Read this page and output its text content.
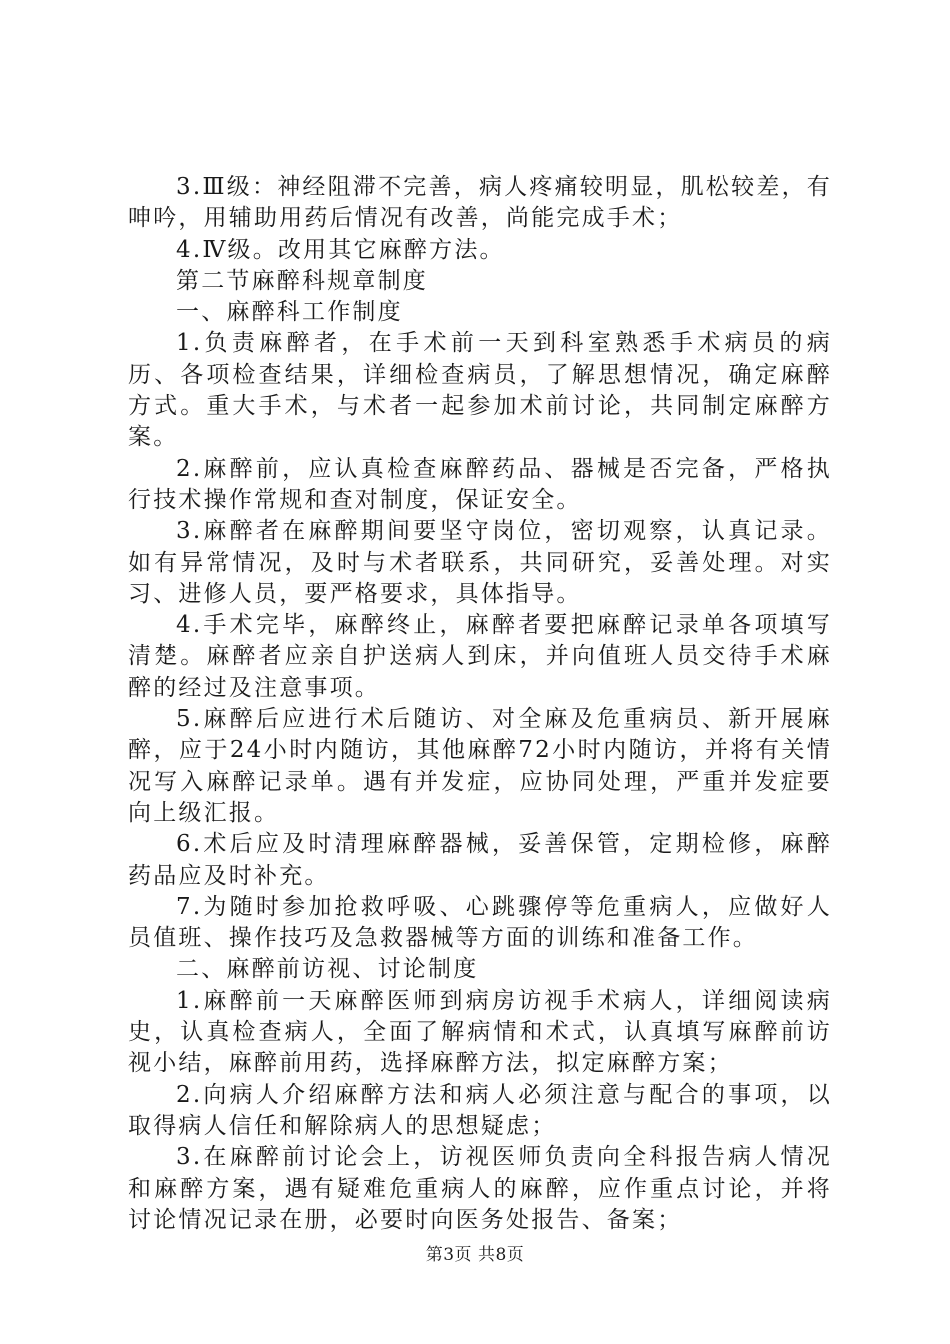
3.Ⅲ级：神经阻滞不完善，病人疼痛较明显，肌松较差，有呻吟，用辅助用药后情况有改善，尚能完成手术；

4.Ⅳ级。改用其它麻醉方法。

第二节麻醉科规章制度

一、麻醉科工作制度

1.负责麻醉者，在手术前一天到科室熟悉手术病员的病历、各项检查结果，详细检查病员，了解思想情况，确定麻醉方式。重大手术，与术者一起参加术前讨论，共同制定麻醉方案。

2.麻醉前，应认真检查麻醉药品、器械是否完备，严格执行技术操作常规和查对制度，保证安全。

3.麻醉者在麻醉期间要坚守岗位，密切观察，认真记录。如有异常情况，及时与术者联系，共同研究，妥善处理。对实习、进修人员，要严格要求，具体指导。

4.手术完毕，麻醉终止，麻醉者要把麻醉记录单各项填写清楚。麻醉者应亲自护送病人到床，并向值班人员交待手术麻醉的经过及注意事项。

5.麻醉后应进行术后随访、对全麻及危重病员、新开展麻醉，应于24小时内随访，其他麻醉72小时内随访，并将有关情况写入麻醉记录单。遇有并发症，应协同处理，严重并发症要向上级汇报。

6.术后应及时清理麻醉器械，妥善保管，定期检修，麻醉药品应及时补充。

7.为随时参加抢救呼吸、心跳骤停等危重病人，应做好人员值班、操作技巧及急救器械等方面的训练和准备工作。

二、麻醉前访视、讨论制度

1.麻醉前一天麻醉医师到病房访视手术病人，详细阅读病史，认真检查病人，全面了解病情和术式，认真填写麻醉前访视小结，麻醉前用药，选择麻醉方法，拟定麻醉方案；

2.向病人介绍麻醉方法和病人必须注意与配合的事项，以取得病人信任和解除病人的思想疑虑；

3.在麻醉前讨论会上，访视医师负责向全科报告病人情况和麻醉方案，遇有疑难危重病人的麻醉，应作重点讨论，并将讨论情况记录在册，必要时向医务处报告、备案；

第3页 共8页
